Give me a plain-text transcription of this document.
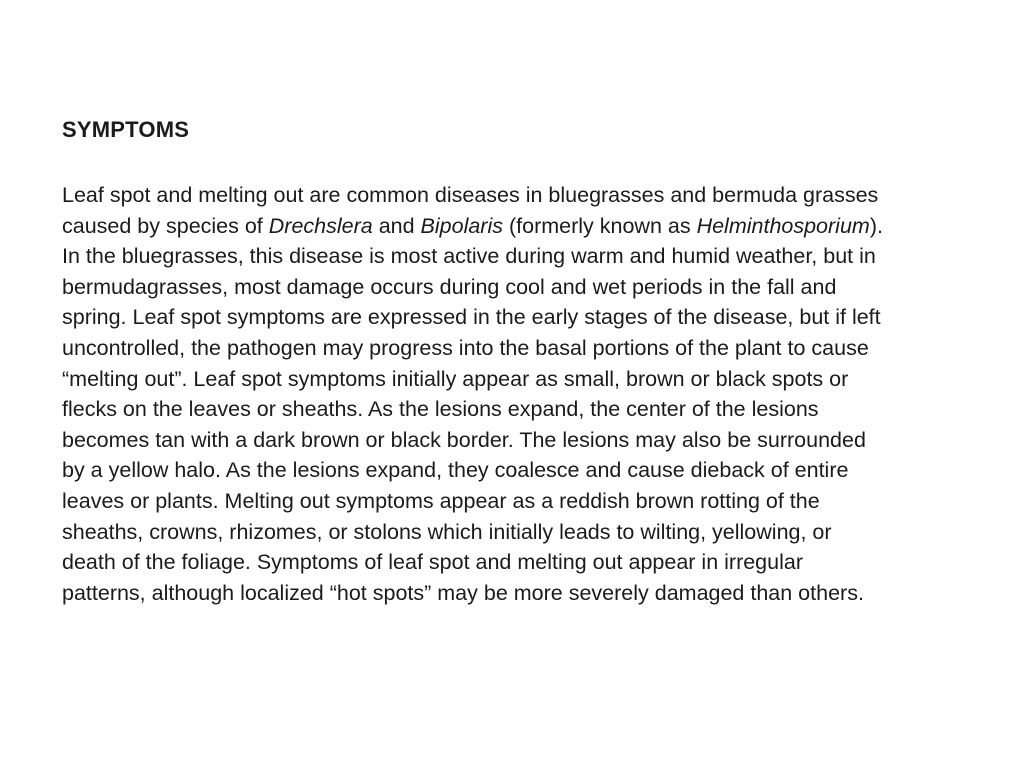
SYMPTOMS
Leaf spot and melting out are common diseases in bluegrasses and bermuda grasses
caused by species of Drechslera and Bipolaris (formerly known as Helminthosporium).
In the bluegrasses, this disease is most active during warm and humid weather, but in
bermudagrasses, most damage occurs during cool and wet periods in the fall and
spring. Leaf spot symptoms are expressed in the early stages of the disease, but if left
uncontrolled, the pathogen may progress into the basal portions of the plant to cause
“melting out”. Leaf spot symptoms initially appear as small, brown or black spots or
flecks on the leaves or sheaths. As the lesions expand, the center of the lesions
becomes tan with a dark brown or black border. The lesions may also be surrounded
by a yellow halo. As the lesions expand, they coalesce and cause dieback of entire
leaves or plants. Melting out symptoms appear as a reddish brown rotting of the
sheaths, crowns, rhizomes, or stolons which initially leads to wilting, yellowing, or
death of the foliage. Symptoms of leaf spot and melting out appear in irregular
patterns, although localized “hot spots” may be more severely damaged than others.
